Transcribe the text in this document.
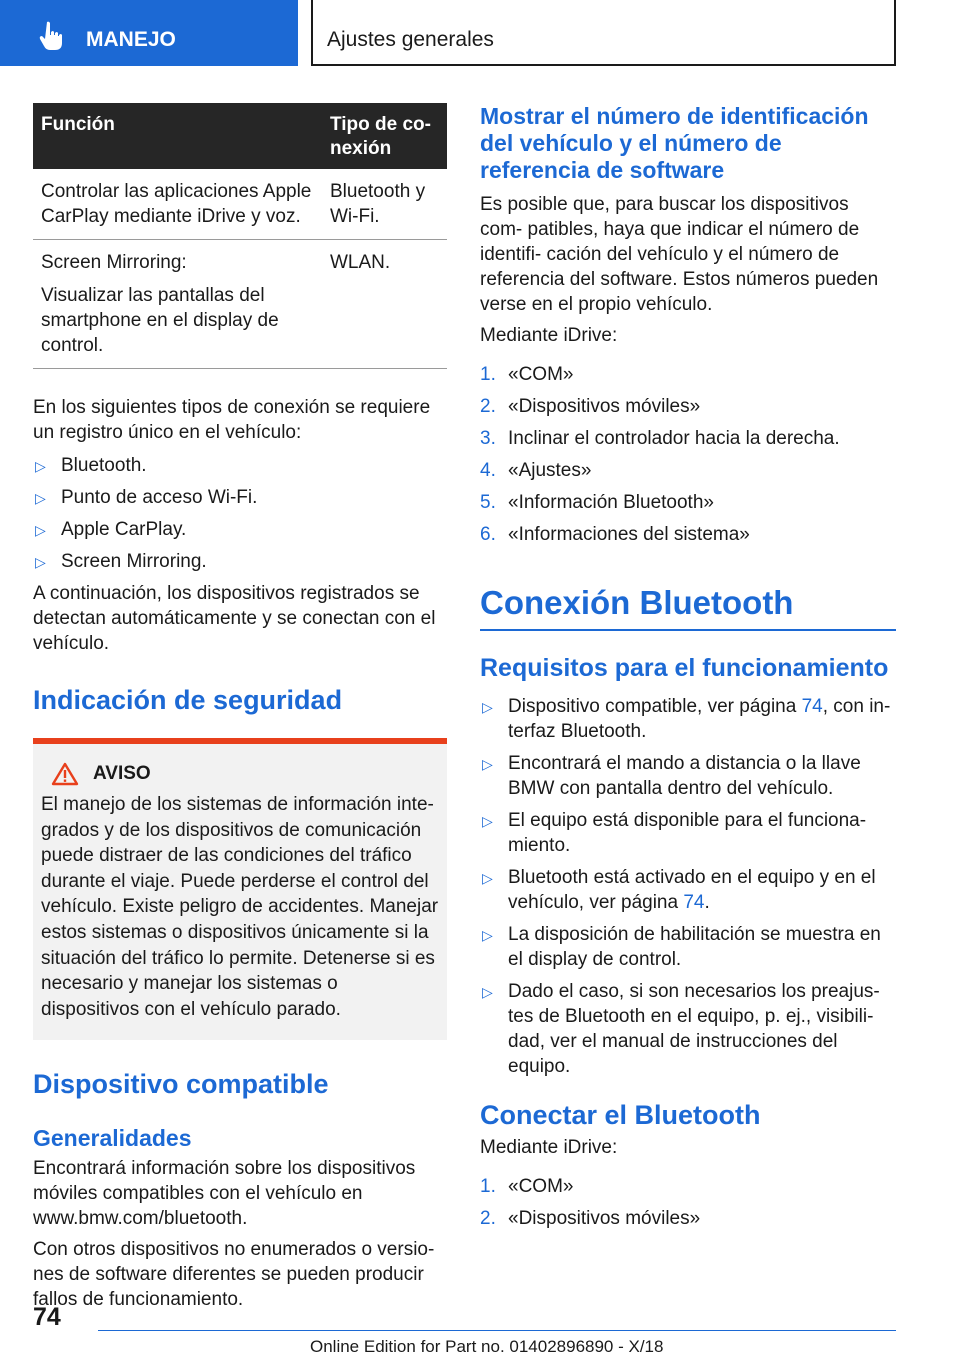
MANEJO	Ajustes generales
Función	Tipo de co‐
nexión

Controlar las aplicaciones Apple CarPlay mediante iDrive y voz.	Bluetooth y Wi‑Fi.

Screen Mirroring:

Visualizar las pantallas del smartphone en el display de control.	WLAN.

En los siguientes tipos de conexión se requiere un registro único en el vehículo:

▷ Bluetooth.
▷ Punto de acceso Wi‑Fi.
▷ Apple CarPlay.
▷ Screen Mirroring.

A continuación, los dispositivos registrados se detectan automáticamente y se conectan con el vehículo.

Indicación de seguridad
AVISO

El manejo de los sistemas de información inte‐ grados y de los dispositivos de comunicación puede distraer de las condiciones del tráfico durante el viaje. Puede perderse el control del vehículo. Existe peligro de accidentes. Manejar estos sistemas o dispositivos únicamente si la situación del tráfico lo permite. Detenerse si es necesario y manejar los sistemas o dispositivos con el vehículo parado.

Dispositivo compatible
Generalidades

Encontrará información sobre los dispositivos móviles compatibles con el vehículo en www.bmw.com/bluetooth.

Con otros dispositivos no enumerados o versio‐ nes de software diferentes se pueden producir fallos de funcionamiento.

Mostrar el número de identificación del vehículo y el número de referencia de software

Es posible que, para buscar los dispositivos com‐ patibles, haya que indicar el número de identifi‐ cación del vehículo y el número de referencia del software. Estos números pueden verse en el propio vehículo.

Mediante iDrive:

1. «COM»
2. «Dispositivos móviles»
3. Inclinar el controlador hacia la derecha.
4. «Ajustes»
5. «Información Bluetooth»
6. «Informaciones del sistema»
Conexión Bluetooth
Requisitos para el funcionamiento
▷ Dispositivo compatible, ver página 74, con in‐ terfaz Bluetooth.
▷ Encontrará el mando a distancia o la llave BMW con pantalla dentro del vehículo.
▷ El equipo está disponible para el funciona‐ miento.
▷ Bluetooth está activado en el equipo y en el vehículo, ver página 74.
▷ La disposición de habilitación se muestra en el display de control.
▷ Dado el caso, si son necesarios los preajus‐ tes de Bluetooth en el equipo, p. ej., visibili‐ dad, ver el manual de instrucciones del equipo.
Conectar el Bluetooth

Mediante iDrive:

1. «COM»
2. «Dispositivos móviles»
74
Online Edition for Part no. 01402896890 - X/18
